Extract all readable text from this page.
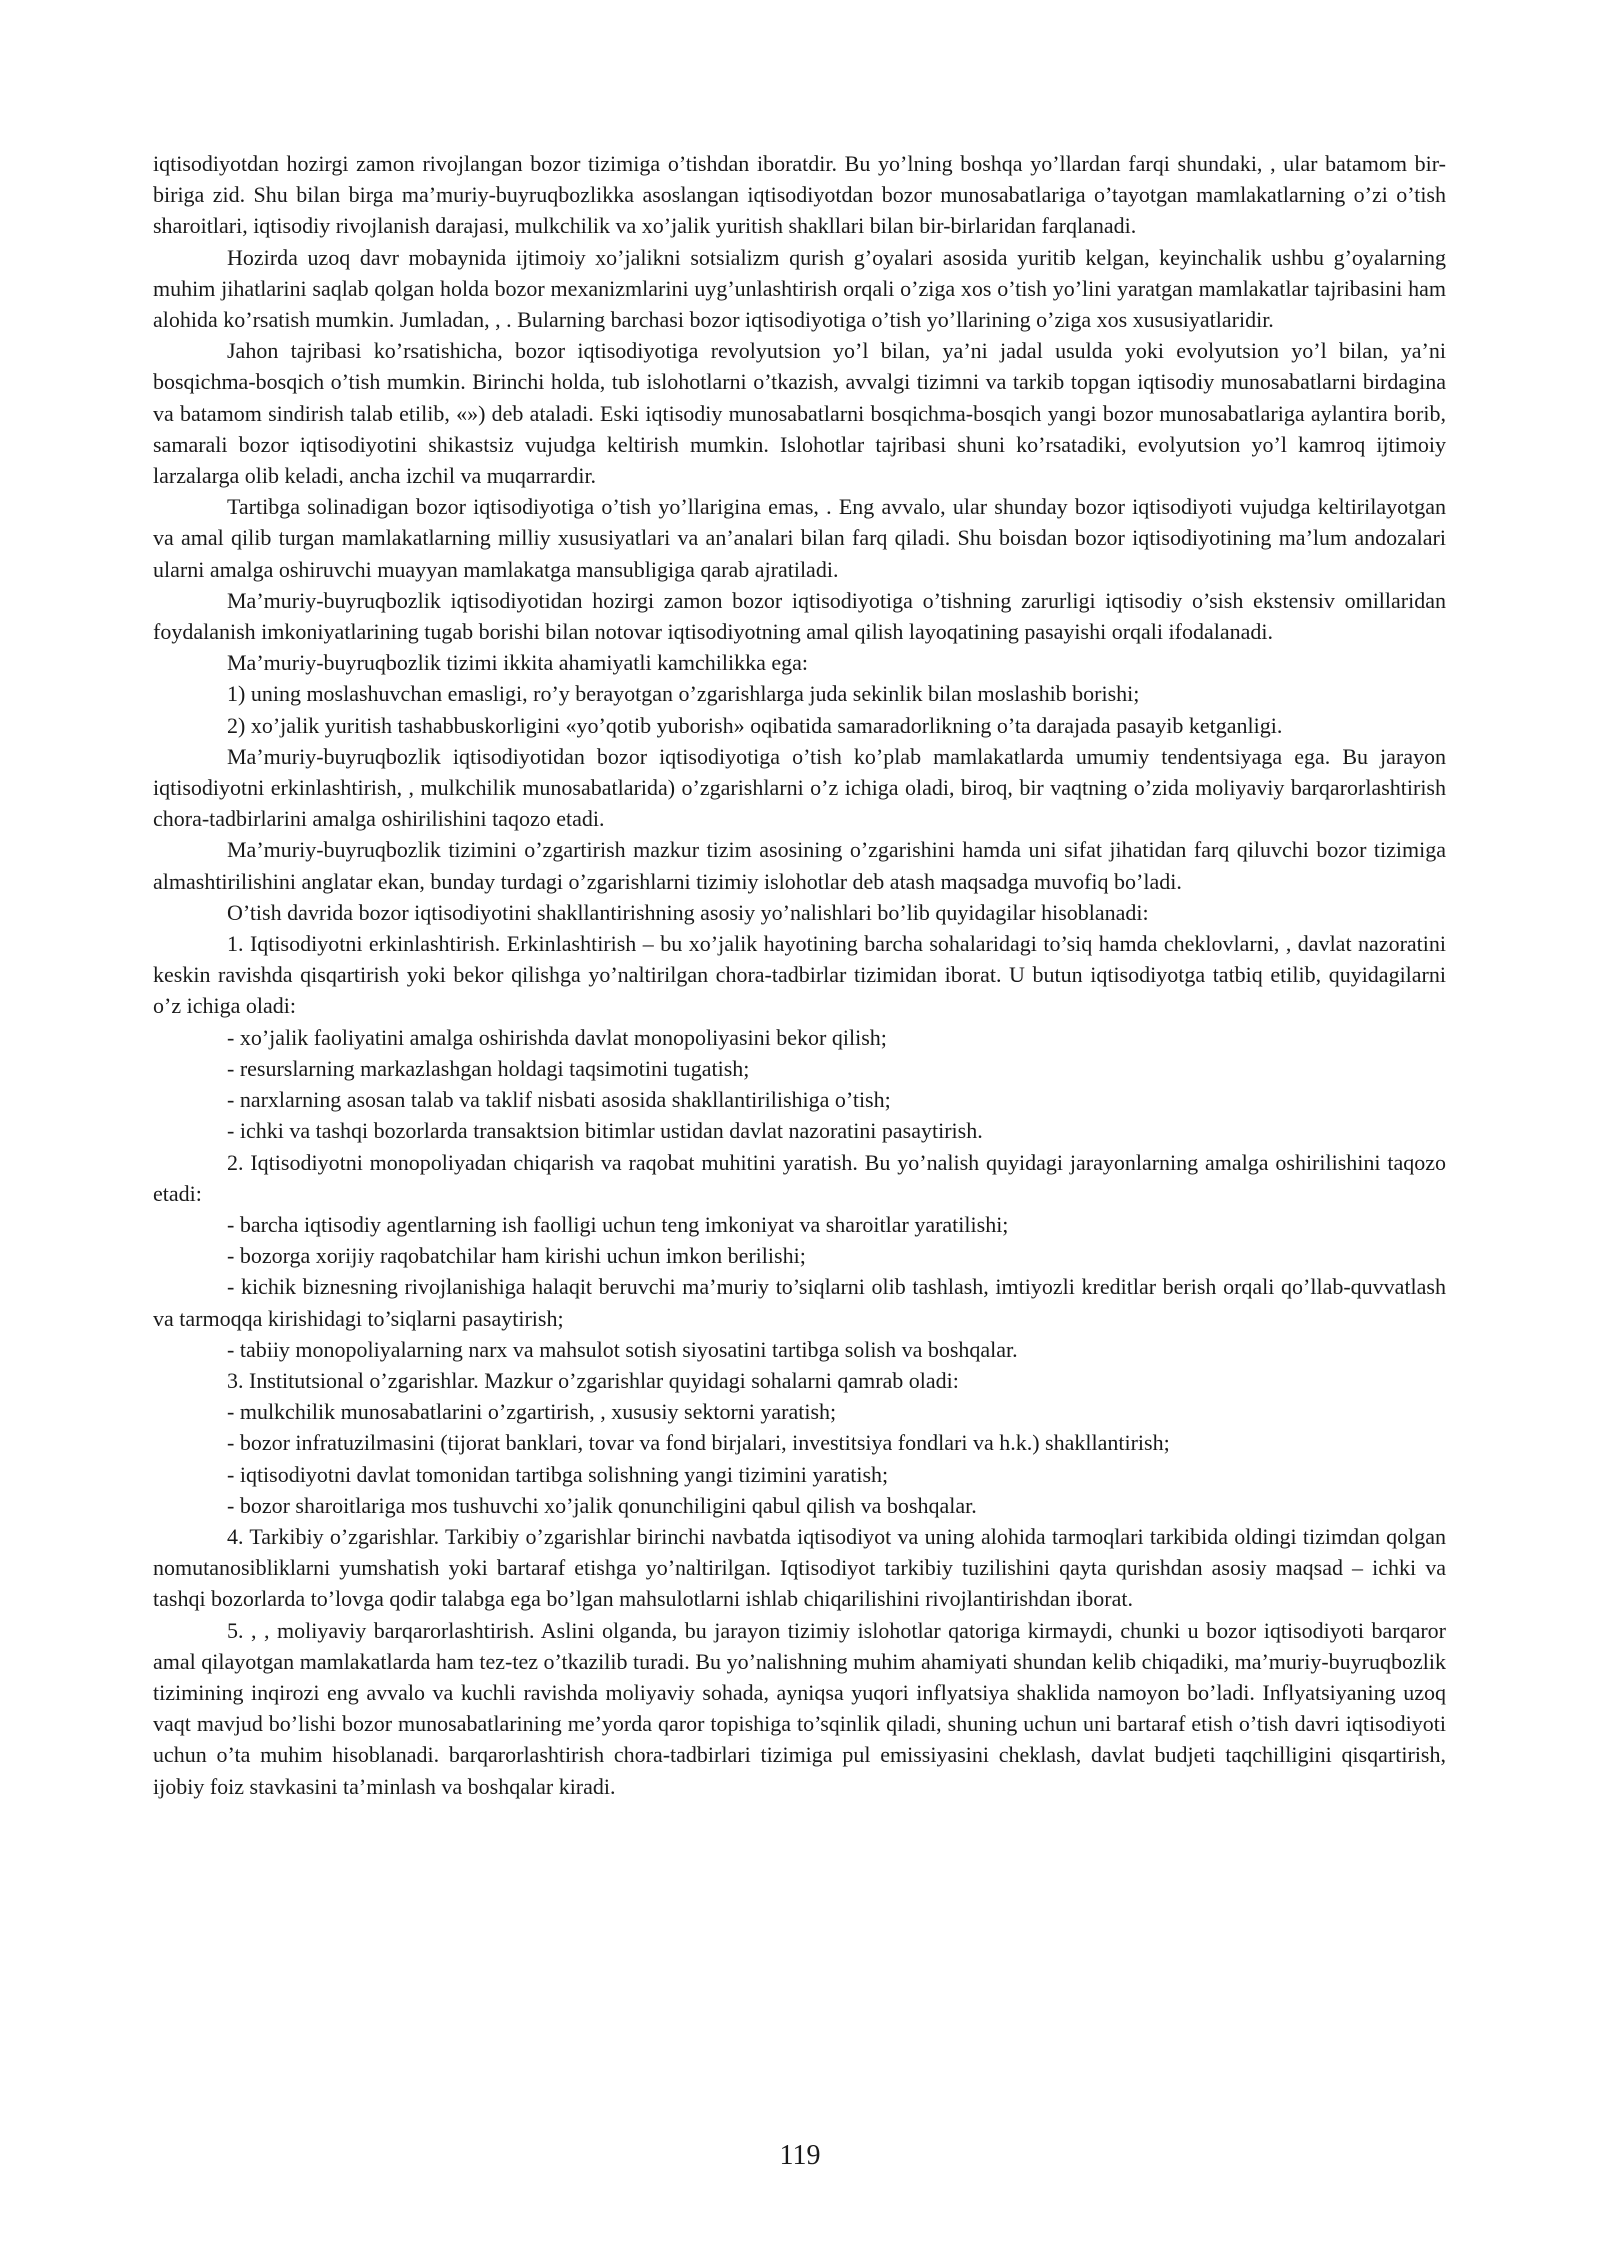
iqtisodiyotdan hozirgi zamon rivojlangan bozor tizimiga o’tishdan iboratdir. Bu yo’lning boshqa yo’llardan farqi shundaki, , ular batamom bir-biriga zid. Shu bilan birga ma’muriy-buyruqbozlikka asoslangan iqtisodiyotdan bozor munosabatlariga o’tayotgan mamlakatlarning o’zi o’tish sharoitlari, iqtisodiy rivojlanish darajasi, mulkchilik va xo’jalik yuritish shakllari bilan bir-birlaridan farqlanadi.

Hozirda uzoq davr mobaynida ijtimoiy xo’jalikni sotsializm qurish g’oyalari asosida yuritib kelgan, keyinchalik ushbu g’oyalarning muhim jihatlarini saqlab qolgan holda bozor mexanizmlarini uyg’unlashtirish orqali o’ziga xos o’tish yo’lini yaratgan mamlakatlar tajribasini ham alohida ko’rsatish mumkin. Jumladan, , . Bularning barchasi bozor iqtisodiyotiga o’tish yo’llarining o’ziga xos xususiyatlaridir.

Jahon tajribasi ko’rsatishicha, bozor iqtisodiyotiga revolyutsion yo’l bilan, ya’ni jadal usulda yoki evolyutsion yo’l bilan, ya’ni bosqichma-bosqich o’tish mumkin. Birinchi holda, tub islohotlarni o’tkazish, avvalgi tizimni va tarkib topgan iqtisodiy munosabatlarni birdagina va batamom sindirish talab etilib, «») deb ataladi. Eski iqtisodiy munosabatlarni bosqichma-bosqich yangi bozor munosabatlariga aylantira borib, samarali bozor iqtisodiyotini shikastsiz vujudga keltirish mumkin. Islohotlar tajribasi shuni ko’rsatadiki, evolyutsion yo’l kamroq ijtimoiy larzalarga olib keladi, ancha izchil va muqarrardir.

Tartibga solinadigan bozor iqtisodiyotiga o’tish yo’llarigina emas, . Eng avvalo, ular shunday bozor iqtisodiyoti vujudga keltirilayotgan va amal qilib turgan mamlakatlarning milliy xususiyatlari va an’analari bilan farq qiladi. Shu boisdan bozor iqtisodiyotining ma’lum andozalari ularni amalga oshiruvchi muayyan mamlakatga mansubligiga qarab ajratiladi.

Ma’muriy-buyruqbozlik iqtisodiyotidan hozirgi zamon bozor iqtisodiyotiga o’tishning zarurligi iqtisodiy o’sish ekstensiv omillaridan foydalanish imkoniyatlarining tugab borishi bilan notovar iqtisodiyotning amal qilish layoqatining pasayishi orqali ifodalanadi.

Ma’muriy-buyruqbozlik tizimi ikkita ahamiyatli kamchilikka ega:

1) uning moslashuvchan emasligi, ro’y berayotgan o’zgarishlarga juda sekinlik bilan moslashib borishi;

2) xo’jalik yuritish tashabbuskorligini «yo’qotib yuborish» oqibatida samaradorlikning o’ta darajada pasayib ketganligi.

Ma’muriy-buyruqbozlik iqtisodiyotidan bozor iqtisodiyotiga o’tish ko’plab mamlakatlarda umumiy tendentsiyaga ega. Bu jarayon iqtisodiyotni erkinlashtirish, , mulkchilik munosabatlarida) o’zgarishlarni o’z ichiga oladi, biroq, bir vaqtning o’zida moliyaviy barqarorlashtirish chora-tadbirlarini amalga oshirilishini taqozo etadi.

Ma’muriy-buyruqbozlik tizimini o’zgartirish mazkur tizim asosining o’zgarishini hamda uni sifat jihatidan farq qiluvchi bozor tizimiga almashtirilishini anglatar ekan, bunday turdagi o’zgarishlarni tizimiy islohotlar deb atash maqsadga muvofiq bo’ladi.

O’tish davrida bozor iqtisodiyotini shakllantirishning asosiy yo’nalishlari bo’lib quyidagilar hisoblanadi:

1. Iqtisodiyotni erkinlashtirish. Erkinlashtirish – bu xo’jalik hayotining barcha sohalaridagi to’siq hamda cheklovlarni, , davlat nazoratini keskin ravishda qisqartirish yoki bekor qilishga yo’naltirilgan chora-tadbirlar tizimidan iborat. U butun iqtisodiyotga tatbiq etilib, quyidagilarni o’z ichiga oladi:

- xo’jalik faoliyatini amalga oshirishda davlat monopoliyasini bekor qilish;

- resurslarning markazlashgan holdagi taqsimotini tugatish;

- narxlarning asosan talab va taklif nisbati asosida shakllantirilishiga o’tish;

- ichki va tashqi bozorlarda transaktsion bitimlar ustidan davlat nazoratini pasaytirish.

2. Iqtisodiyotni monopoliyadan chiqarish va raqobat muhitini yaratish. Bu yo’nalish quyidagi jarayonlarning amalga oshirilishini taqozo etadi:

- barcha iqtisodiy agentlarning ish faolligi uchun teng imkoniyat va sharoitlar yaratilishi;

- bozorga xorijiy raqobatchilar ham kirishi uchun imkon berilishi;

- kichik biznesning rivojlanishiga halaqit beruvchi ma’muriy to’siqlarni olib tashlash, imtiyozli kreditlar berish orqali qo’llab-quvvatlash va tarmoqqa kirishidagi to’siqlarni pasaytirish;

- tabiiy monopoliyalarning narx va mahsulot sotish siyosatini tartibga solish va boshqalar.

3. Institutsional o’zgarishlar. Mazkur o’zgarishlar quyidagi sohalarni qamrab oladi:

- mulkchilik munosabatlarini o’zgartirish, , xususiy sektorni yaratish;

- bozor infratuzilmasini (tijorat banklari, tovar va fond birjalari, investitsiya fondlari va h.k.) shakllantirish;

- iqtisodiyotni davlat tomonidan tartibga solishning yangi tizimini yaratish;

- bozor sharoitlariga mos tushuvchi xo’jalik qonunchiligini qabul qilish va boshqalar.

4. Tarkibiy o’zgarishlar. Tarkibiy o’zgarishlar birinchi navbatda iqtisodiyot va uning alohida tarmoqlari tarkibida oldingi tizimdan qolgan nomutanosibliklarni yumshatish yoki bartaraf etishga yo’naltirilgan. Iqtisodiyot tarkibiy tuzilishini qayta qurishdan asosiy maqsad – ichki va tashqi bozorlarda to’lovga qodir talabga ega bo’lgan mahsulotlarni ishlab chiqarilishini rivojlantirishdan iborat.

5. , , moliyaviy barqarorlashtirish. Aslini olganda, bu jarayon tizimiy islohotlar qatoriga kirmaydi, chunki u bozor iqtisodiyoti barqaror amal qilayotgan mamlakatlarda ham tez-tez o’tkazilib turadi. Bu yo’nalishning muhim ahamiyati shundan kelib chiqadiki, ma’muriy-buyruqbozlik tizimining inqirozi eng avvalo va kuchli ravishda moliyaviy sohada, ayniqsa yuqori inflyatsiya shaklida namoyon bo’ladi. Inflyatsiyaning uzoq vaqt mavjud bo’lishi bozor munosabatlarining me’yorda qaror topishiga to’sqinlik qiladi, shuning uchun uni bartaraf etish o’tish davri iqtisodiyoti uchun o’ta muhim hisoblanadi. barqarorlashtirish chora-tadbirlari tizimiga pul emissiyasini cheklash, davlat budjeti taqchilligini qisqartirish, ijobiy foiz stavkasini ta’minlash va boshqalar kiradi.

119
